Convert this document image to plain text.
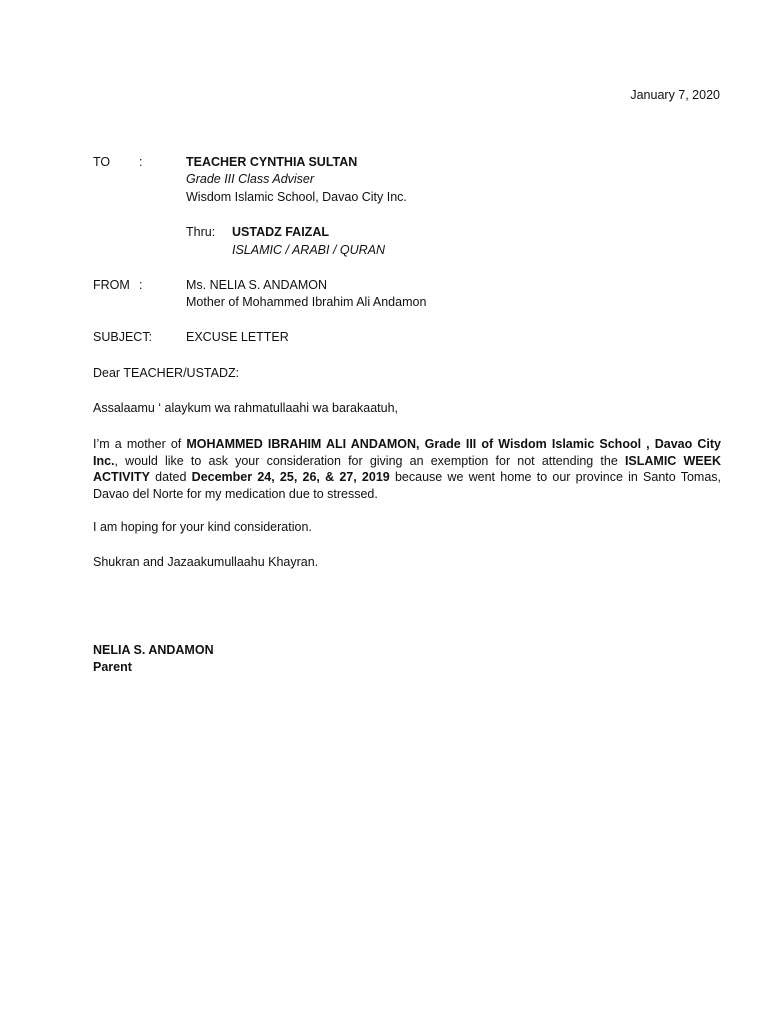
January 7, 2020
TO :	TEACHER CYNTHIA SULTAN
Grade III Class Adviser
Wisdom Islamic School, Davao City Inc.
Thru: USTADZ FAIZAL
ISLAMIC / ARABI / QURAN
FROM :	Ms. NELIA S. ANDAMON
Mother of Mohammed Ibrahim Ali Andamon
SUBJECT:	EXCUSE LETTER
Dear TEACHER/USTADZ:
Assalaamu ‘ alaykum wa rahmatullaahi wa barakaatuh,
I’m a mother of MOHAMMED IBRAHIM ALI ANDAMON, Grade III of Wisdom Islamic School , Davao City Inc., would like to ask your consideration for giving an exemption for not attending the ISLAMIC WEEK ACTIVITY dated December 24, 25, 26, & 27, 2019 because we went home to our province in Santo Tomas, Davao del Norte for my medication due to stressed.
I am hoping for your kind consideration.
Shukran and Jazaakumullaahu Khayran.
NELIA S. ANDAMON
Parent
